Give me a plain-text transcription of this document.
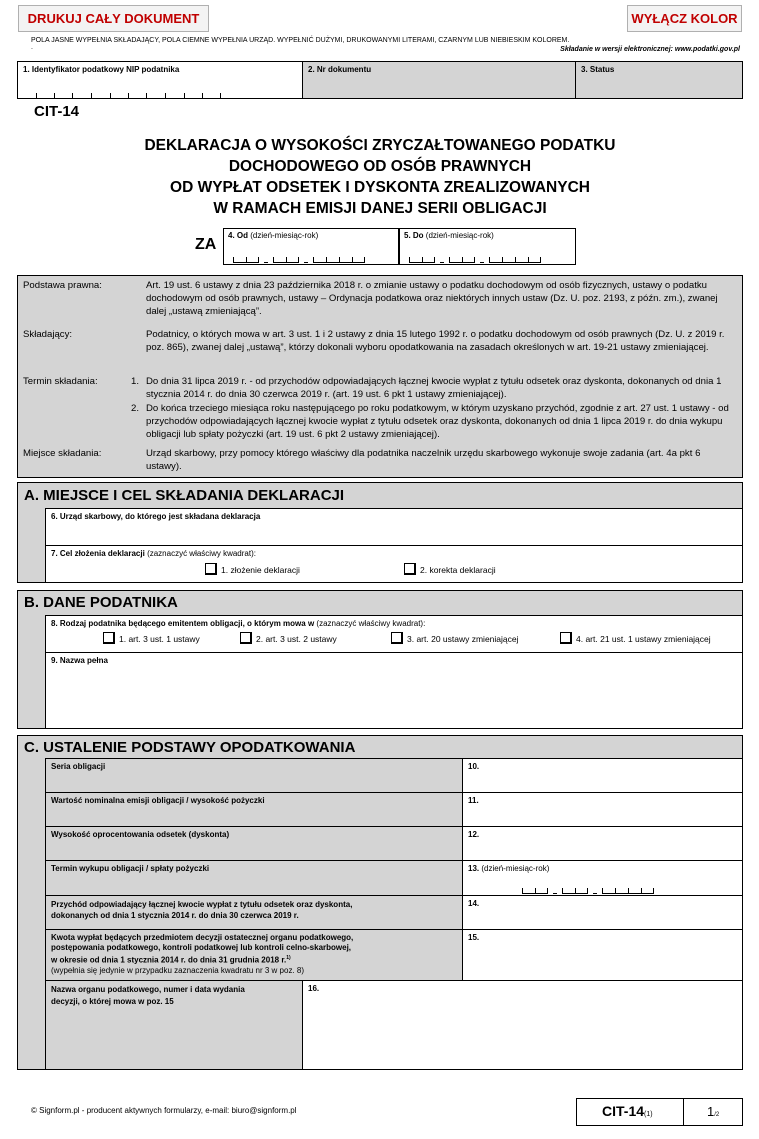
DRUKUJ CAŁY DOKUMENT	WYŁĄCZ KOLOR
POLA JASNE WYPEŁNIA SKŁADAJĄCY, POLA CIEMNE WYPEŁNIA URZĄD. WYPEŁNIĆ DUŻYMI, DRUKOWANYMI LITERAMI, CZARNYM LUB NIEBIESKIM KOLOREM.
.	Składanie w wersji elektronicznej: www.podatki.gov.pl
1. Identyfikator podatkowy NIP podatnika	2. Nr dokumentu	3. Status
CIT-14
DEKLARACJA O WYSOKOŚCI ZRYCZAŁTOWANEGO PODATKU
DOCHODOWEGO OD OSÓB PRAWNYCH
OD WYPŁAT ODSETEK I DYSKONTA ZREALIZOWANYCH
W RAMACH EMISJI DANEJ SERII OBLIGACJI
ZA
4. Od (dzień-miesiąc-rok)	5. Do (dzień-miesiąc-rok)
Podstawa prawna:	Art. 19 ust. 6 ustawy z dnia 23 października 2018 r. o zmianie ustawy o podatku dochodowym od osób fizycznych, ustawy o podatku dochodowym od osób prawnych, ustawy – Ordynacja podatkowa oraz niektórych innych ustaw (Dz. U. poz. 2193, z późn. zm.), zwanej dalej „ustawą zmieniającą”.
Składający:	Podatnicy, o których mowa w art. 3 ust. 1 i 2 ustawy z dnia 15 lutego 1992 r. o podatku dochodowym od osób prawnych (Dz. U. z 2019 r. poz. 865), zwanej dalej „ustawą”, którzy dokonali wyboru opodatkowania na zasadach określonych w art. 19-21 ustawy zmieniającej.
Termin składania:	1. Do dnia 31 lipca 2019 r. - od przychodów odpowiadających łącznej kwocie wypłat z tytułu odsetek oraz dyskonta, dokonanych od dnia 1 stycznia 2014 r. do dnia 30 czerwca 2019 r. (art. 19 ust. 6 pkt 1 ustawy zmieniającej).
2. Do końca trzeciego miesiąca roku następującego po roku podatkowym, w którym uzyskano przychód, zgodnie z art. 27 ust. 1 ustawy - od przychodów odpowiadających łącznej kwocie wypłat z tytułu odsetek oraz dyskonta, dokonanych od dnia 1 lipca 2019 r. do dnia wykupu obligacji lub spłaty pożyczki (art. 19 ust. 6 pkt 2 ustawy zmieniającej).
Miejsce składania:	Urząd skarbowy, przy pomocy którego właściwy dla podatnika naczelnik urzędu skarbowego wykonuje swoje zadania (art. 4a pkt 6 ustawy).
A. MIEJSCE I CEL SKŁADANIA DEKLARACJI
6. Urząd skarbowy, do którego jest składana deklaracja
7. Cel złożenia deklaracji (zaznaczyć właściwy kwadrat):
1. złożenie deklaracji	2. korekta deklaracji
B. DANE PODATNIKA
8. Rodzaj podatnika będącego emitentem obligacji, o którym mowa w (zaznaczyć właściwy kwadrat):
1. art. 3 ust. 1 ustawy	2. art. 3 ust. 2 ustawy	3. art. 20 ustawy zmieniającej	4. art. 21 ust. 1 ustawy zmieniającej
9. Nazwa pełna
C. USTALENIE PODSTAWY OPODATKOWANIA
Seria obligacji	10.
Wartość nominalna emisji obligacji / wysokość pożyczki	11.
Wysokość oprocentowania odsetek (dyskonta)	12.
Termin wykupu obligacji / spłaty pożyczki	13. (dzień-miesiąc-rok)
Przychód odpowiadający łącznej kwocie wypłat z tytułu odsetek oraz dyskonta,
dokonanych od dnia 1 stycznia 2014 r. do dnia 30 czerwca 2019 r.
14.
Kwota wypłat będących przedmiotem decyzji ostatecznej organu podatkowego,
postępowania podatkowego, kontroli podatkowej lub kontroli celno-skarbowej,
w okresie od dnia 1 stycznia 2014 r. do dnia 31 grudnia 2018 r.$^{1)}$
(wypełnia się jedynie w przypadku zaznaczenia kwadratu nr 3 w poz. 8)
15.
Nazwa organu podatkowego, numer i data wydania
decyzji, o której mowa w poz. 15
16.
© Signform.pl - producent aktywnych formularzy, e-mail: biuro@signform.pl	CIT-14(1)	1/2
